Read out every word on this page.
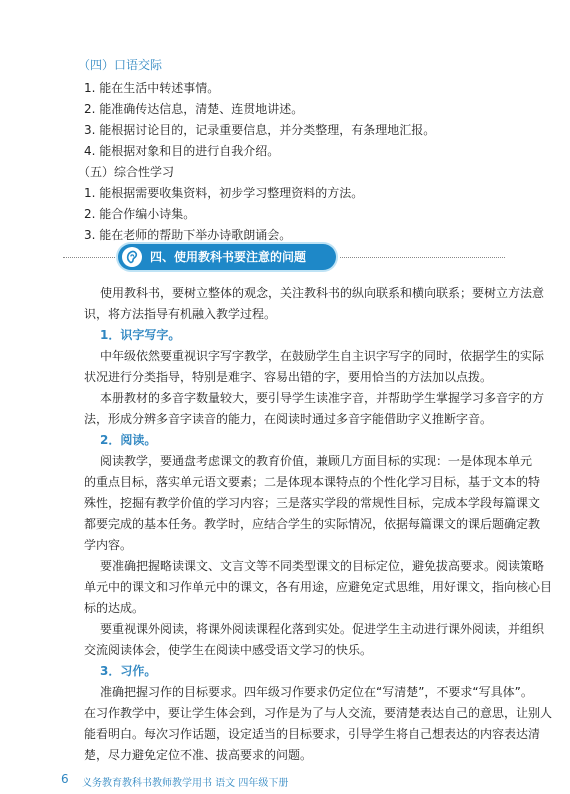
（四）口语交际
1. 能在生活中转述事情。
2. 能准确传达信息，清楚、连贯地讲述。
3. 能根据讨论目的，记录重要信息，并分类整理，有条理地汇报。
4. 能根据对象和目的进行自我介绍。
（五）综合性学习
1. 能根据需要收集资料，初步学习整理资料的方法。
2. 能合作编小诗集。
3. 能在老师的帮助下举办诗歌朗诵会。
四、使用教科书要注意的问题
使用教科书，要树立整体的观念，关注教科书的纵向联系和横向联系；要树立方法意
识，将方法指导有机融入教学过程。
1．识字写字。
中年级依然要重视识字写字教学，在鼓励学生自主识字写字的同时，依据学生的实际
状况进行分类指导，特别是难字、容易出错的字，要用恰当的方法加以点拨。
本册教材的多音字数量较大，要引导学生读准字音，并帮助学生掌握学习多音字的方
法，形成分辨多音字读音的能力，在阅读时通过多音字能借助字义推断字音。
2．阅读。
阅读教学，要通盘考虑课文的教育价值，兼顾几方面目标的实现：一是体现本单元
的重点目标，落实单元语文要素；二是体现本课特点的个性化学习目标，基于文本的特
殊性，挖掘有教学价值的学习内容；三是落实学段的常规性目标，完成本学段每篇课文
都要完成的基本任务。教学时，应结合学生的实际情况，依据每篇课文的课后题确定教
学内容。
要准确把握略读课文、文言文等不同类型课文的目标定位，避免拔高要求。阅读策略
单元中的课文和习作单元中的课文，各有用途，应避免定式思维，用好课文，指向核心目
标的达成。
要重视课外阅读，将课外阅读课程化落到实处。促进学生主动进行课外阅读，并组织
交流阅读体会，使学生在阅读中感受语文学习的快乐。
3．习作。
准确把握习作的目标要求。四年级习作要求仍定位在“写清楚”，不要求“写具体”。
在习作教学中，要让学生体会到，习作是为了与人交流，要清楚表达自己的意思，让别人
能看明白。每次习作话题，设定适当的目标要求，引导学生将自己想表达的内容表达清
楚，尽力避免定位不准、拔高要求的问题。
6 义务教育教科书教师教学用书 语文 四年级下册
